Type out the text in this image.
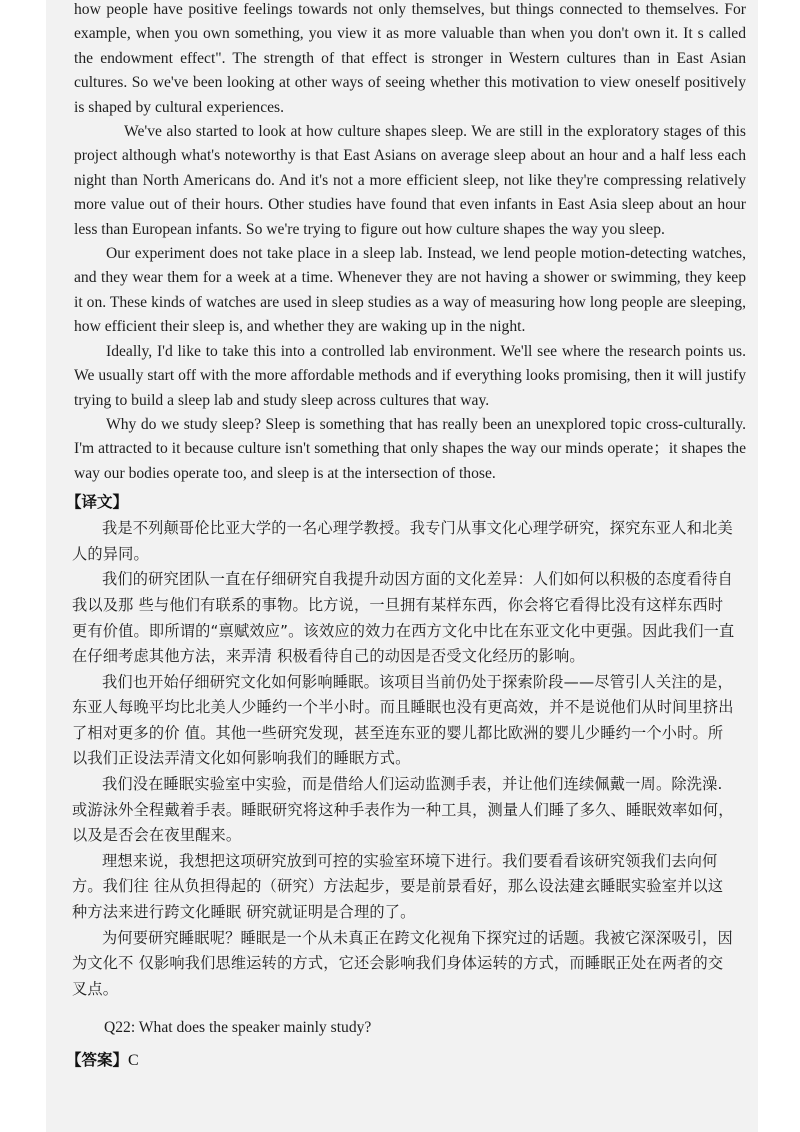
how people have positive feelings towards not only themselves, but things connected to themselves. For example, when you own something, you view it as more valuable than when you don't own it. It s called the endowment effect". The strength of that effect is stronger in Western cultures than in East Asian cultures. So we've been looking at other ways of seeing whether this motivation to view oneself positively is shaped by cultural experiences.

We've also started to look at how culture shapes sleep. We are still in the exploratory stages of this project although what's noteworthy is that East Asians on average sleep about an hour and a half less each night than North Americans do. And it's not a more efficient sleep, not like they're compressing relatively more value out of their hours. Other studies have found that even infants in East Asia sleep about an hour less than European infants. So we're trying to figure out how culture shapes the way you sleep.

Our experiment does not take place in a sleep lab. Instead, we lend people motion-detecting watches, and they wear them for a week at a time. Whenever they are not having a shower or swimming, they keep it on. These kinds of watches are used in sleep studies as a way of measuring how long people are sleeping, how efficient their sleep is, and whether they are waking up in the night.

Ideally, I'd like to take this into a controlled lab environment. We'll see where the research points us. We usually start off with the more affordable methods and if everything looks promising, then it will justify trying to build a sleep lab and study sleep across cultures that way.

Why do we study sleep? Sleep is something that has really been an unexplored topic cross-culturally. I'm attracted to it because culture isn't something that only shapes the way our minds operate；it shapes the way our bodies operate too, and sleep is at the intersection of those.

【译文】

我是不列颠哥伦比亚大学的一名心理学教授。我专门从事文化心理学研究，探究东亚人和北美人的异同。

我们的研究团队一直在仔细研究自我提升动因方面的文化差异：人们如何以积极的态度看待自我以及那 些与他们有联系的事物。比方说，一旦拥有某样东西，你会将它看得比没有这样东西时更有价值。即所谓的“禀赋效应”。该效应的效力在西方文化中比在东亚文化中更强。因此我们一直在仔细考虑其他方法，来弄清 积极看待自己的动因是否受文化经历的影响。

我们也开始仔细研究文化如何影响睡眠。该项目当前仍处于探索阶段——尽管引人关注的是，东亚人每晚平均比北美人少睡约一个半小时。而且睡眠也没有更高效，并不是说他们从时间里挤出了相对更多的价 值。其他一些研究发现，甚至连东亚的婴儿都比欧洲的婴儿少睡约一个小时。所以我们正设法弄清文化如何影响我们的睡眠方式。

我们没在睡眠实验室中实验，而是借给人们运动监测手表，并让他们连续佩戴一周。除洗澡.或游泳外全程戴着手表。睡眠研究将这种手表作为一种工具，测量人们睡了多久、睡眠效率如何，以及是否会在夜里醒来。

理想来说，我想把这项研究放到可控的实验室环境下进行。我们要看看该研究领我们去向何方。我们往 往从负担得起的（研究）方法起步，要是前景看好，那么设法建玄睡眠实验室并以这种方法来进行跨文化睡眠 研究就证明是合理的了。

为何要研究睡眠呢？睡眠是一个从未真正在跨文化视角下探究过的话题。我被它深深吸引，因为文化不 仅影响我们思维运转的方式，它还会影响我们身体运转的方式，而睡眠正处在两者的交叉点。

Q22: What does the speaker mainly study?
【答案】C
